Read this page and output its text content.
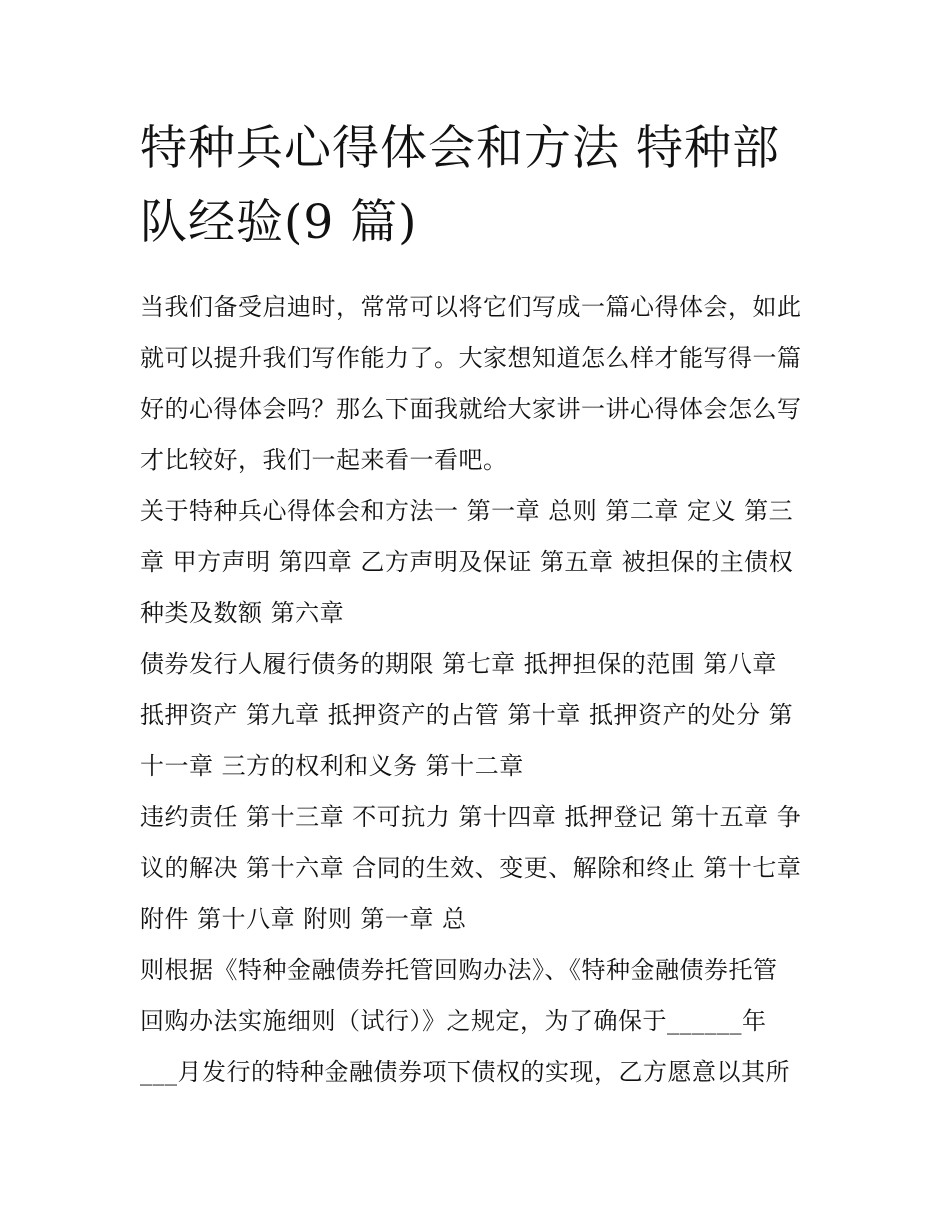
特种兵心得体会和方法 特种部
队经验(9 篇)

当我们备受启迪时，常常可以将它们写成一篇心得体会，如此
就可以提升我们写作能力了。大家想知道怎么样才能写得一篇
好的心得体会吗？那么下面我就给大家讲一讲心得体会怎么写
才比较好，我们一起来看一看吧。

关于特种兵心得体会和方法一 第一章 总则 第二章 定义 第三
章 甲方声明 第四章 乙方声明及保证 第五章 被担保的主债权
种类及数额 第六章

债券发行人履行债务的期限 第七章 抵押担保的范围 第八章
抵押资产 第九章 抵押资产的占管 第十章 抵押资产的处分 第
十一章 三方的权利和义务 第十二章

违约责任 第十三章 不可抗力 第十四章 抵押登记 第十五章 争
议的解决 第十六章 合同的生效、变更、解除和终止 第十七章
附件 第十八章 附则 第一章 总

则根据《特种金融债券托管回购办法》、《特种金融债券托管
回购办法实施细则（试行）》之规定，为了确保于______年
___月发行的特种金融债券项下债权的实现，乙方愿意以其所
